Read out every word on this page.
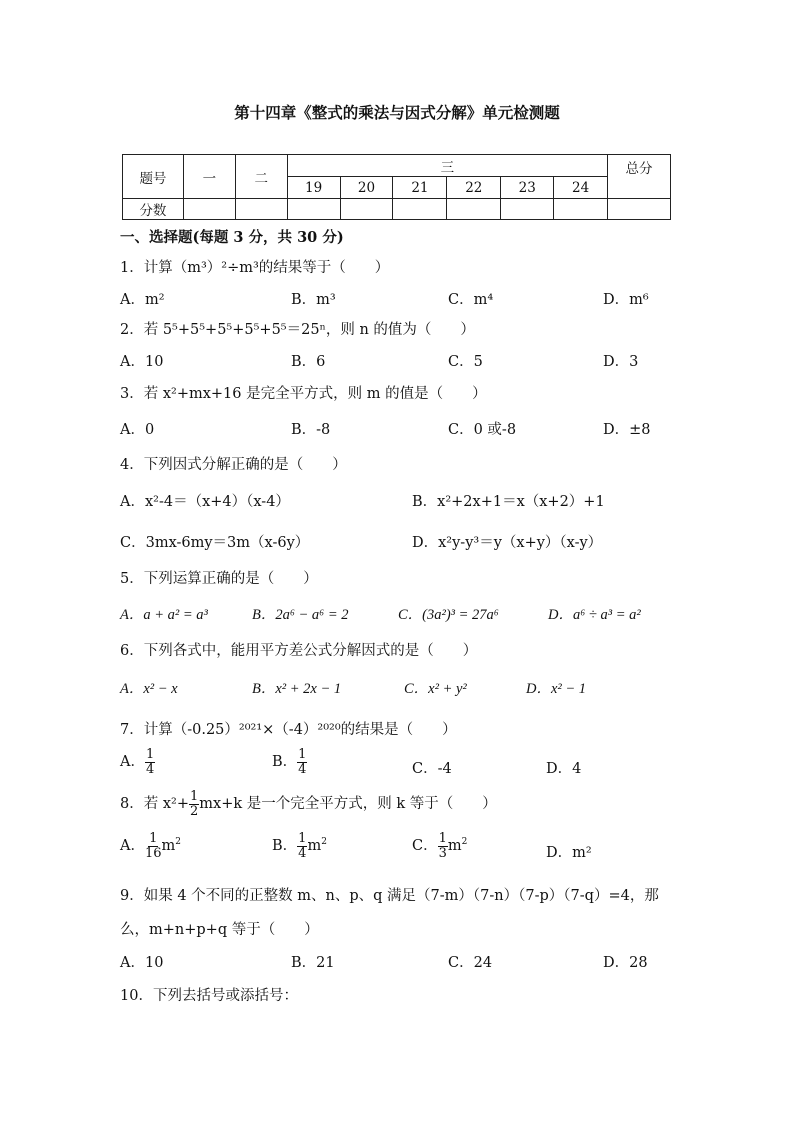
第十四章《整式的乘法与因式分解》单元检测题
题号	一	二	三						总分
			19	20	21	22	23	24	
分数									
一、选择题(每题 3 分，共 30 分)
1．计算（m³）²÷m³的结果等于（　　）
A．m²	B．m³	C．m⁴	D．m⁶
2．若 5⁵+5⁵+5⁵+5⁵+5⁵＝25ⁿ，则 n 的值为（　　）
A．10	B．6	C．5	D．3
3．若 x²+mx+16 是完全平方式，则 m 的值是（　　）
A．0	B．-8	C．0 或-8	D．±8
4．下列因式分解正确的是（　　）
A．x²-4＝（x+4）（x-4）	B．x²+2x+1＝x（x+2）+1
C．3mx-6my＝3m（x-6y）	D．x²y-y³＝y（x+y）（x-y）
5．下列运算正确的是（　　）
A．a + a² = a³	B．2a⁶ − a⁶ = 2	C．(3a²)³ = 27a⁶	D．a⁶ ÷ a³ = a²
6．下列各式中，能用平方差公式分解因式的是（　　）
A．x² − x	B．x² + 2x − 1	C．x² + y²	D．x² − 1
7．计算（-0.25）²⁰²¹×（-4）²⁰²⁰的结果是（　　）
A． $\frac{1}{4}$	B． $\frac{1}{4}$	C．-4	D．4
8．若 $x^2+ \frac{1}{2} mx+k$ 是一个完全平方式，则 k 等于（　　）
A． $\frac{1}{16} m^2$	B． $\frac{1}{4} m^2$	C． $\frac{1}{3} m^2$
D．m²
9．如果 4 个不同的正整数 m、n、p、q 满足（7-m）（7-n）（7-p）（7-q）=4，那
么，m+n+p+q 等于（　　）
A．10	B．21	C．24	D．28
10．下列去括号或添括号：
